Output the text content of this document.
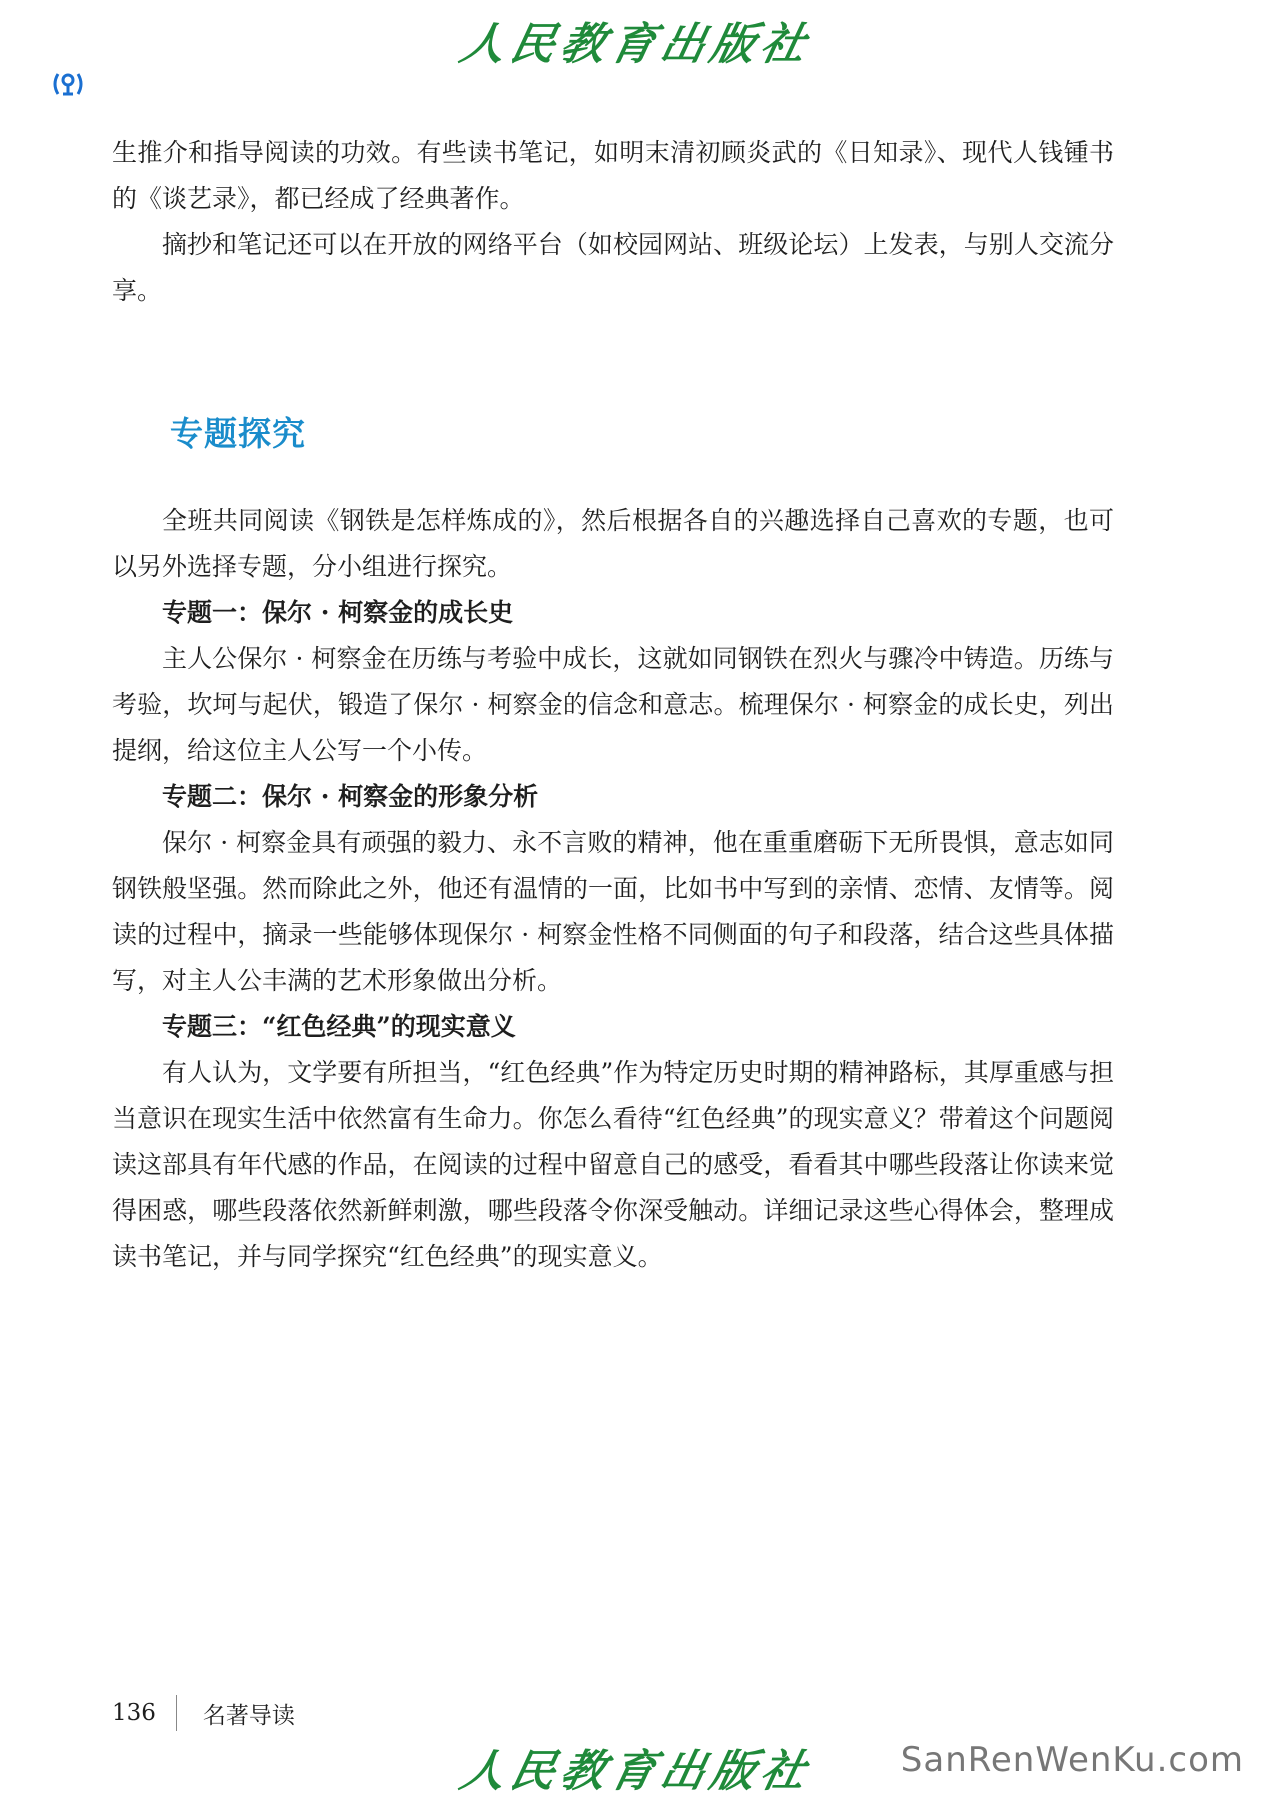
人民教育出版社

生推介和指导阅读的功效。有些读书笔记，如明末清初顾炎武的《日知录》、现代人钱锺书的《谈艺录》，都已经成了经典著作。

摘抄和笔记还可以在开放的网络平台（如校园网站、班级论坛）上发表，与别人交流分享。

专题探究

全班共同阅读《钢铁是怎样炼成的》，然后根据各自的兴趣选择自己喜欢的专题，也可以另外选择专题，分小组进行探究。

专题一：保尔 · 柯察金的成长史

主人公保尔 · 柯察金在历练与考验中成长，这就如同钢铁在烈火与骤冷中铸造。历练与考验，坎坷与起伏，锻造了保尔 · 柯察金的信念和意志。梳理保尔 · 柯察金的成长史，列出提纲，给这位主人公写一个小传。

专题二：保尔 · 柯察金的形象分析

保尔 · 柯察金具有顽强的毅力、永不言败的精神，他在重重磨砺下无所畏惧，意志如同钢铁般坚强。然而除此之外，他还有温情的一面，比如书中写到的亲情、恋情、友情等。阅读的过程中，摘录一些能够体现保尔 · 柯察金性格不同侧面的句子和段落，结合这些具体描写，对主人公丰满的艺术形象做出分析。

专题三：“红色经典”的现实意义

有人认为，文学要有所担当，“红色经典”作为特定历史时期的精神路标，其厚重感与担当意识在现实生活中依然富有生命力。你怎么看待“红色经典”的现实意义？带着这个问题阅读这部具有年代感的作品，在阅读的过程中留意自己的感受，看看其中哪些段落让你读来觉得困惑，哪些段落依然新鲜刺激，哪些段落令你深受触动。详细记录这些心得体会，整理成读书笔记，并与同学探究“红色经典”的现实意义。

136 名著导读
人民教育出版社	SanRenWenKu.com
